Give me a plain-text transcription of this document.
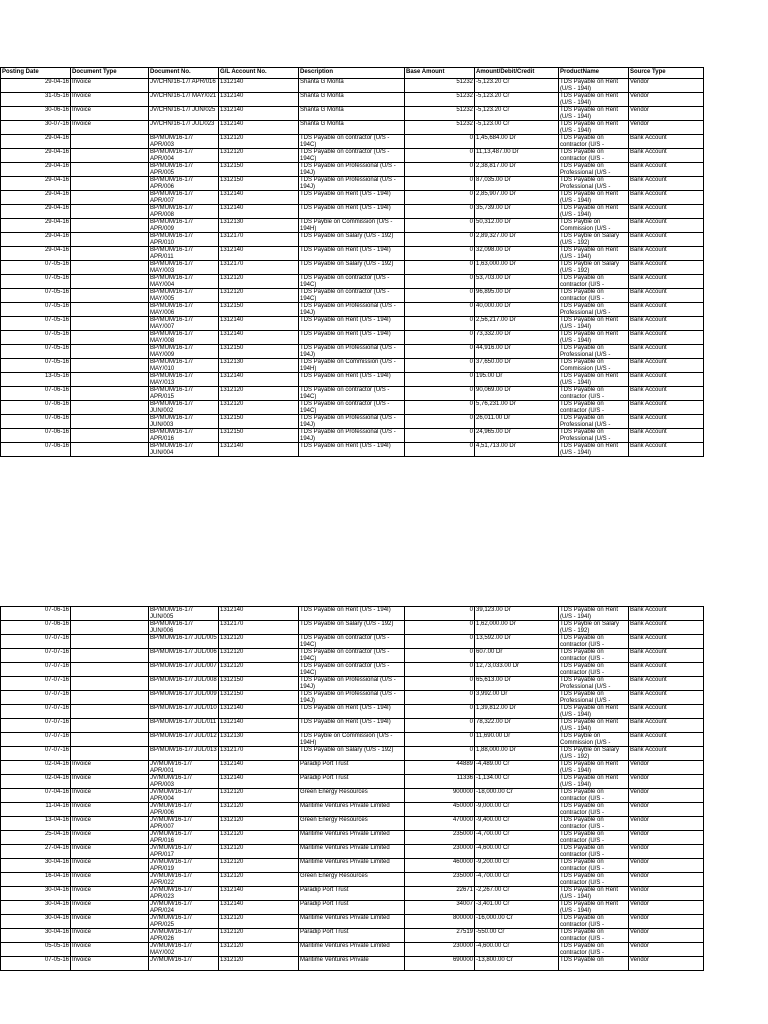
Posting Date	Document Type	Document No.	G/L Account No.	Description	Base Amount	Amount/Debit/Credit	ProductName	Source Type

29-04-16	Invoice	JV/CHN/16-17/ APR/016	1312140	Shanta G Mohta	51232	-5,123.20 Cr	TDS Payable on Rent (U/S - 194I)	Vendor

31-05-16	Invoice	JV/CHN/16-17/ MAY/021	1312140	Shanta G Mohta	51232	-5,123.20 Cr	TDS Payable on Rent (U/S - 194I)	Vendor

30-06-16	Invoice	JV/CHN/16-17/ JUN/025	1312140	Shanta G Mohta	51232	-5,123.20 Cr	TDS Payable on Rent (U/S - 194I)	Vendor

30-07-16	Invoice	JV/CHN/16-17/ JUL/023	1312140	Shanta G Mohta	51232	-5,123.00 Cr	TDS Payable on Rent (U/S - 194I)	Vendor

29-04-16		BP/MUM/16-17/ APR/003	1312120	TDS Payable on contractor (U/S - 194C)	0	1,45,684.00 Dr	TDS Payable on contractor (U/S -	Bank Account

29-04-16		BP/MUM/16-17/ APR/004	1312120	TDS Payable on contractor (U/S - 194C)	0	11,13,487.00 Dr	TDS Payable on contractor (U/S -	Bank Account

29-04-16		BP/MUM/16-17/ APR/005	1312150	TDS Payable on Professional (U/S - 194J)	0	2,38,817.00 Dr	TDS Payable on Professional (U/S -	Bank Account

29-04-16		BP/MUM/16-17/ APR/006	1312150	TDS Payable on Professional (U/S - 194J)	0	87,035.00 Dr	TDS Payable on Professional (U/S -	Bank Account

29-04-16		BP/MUM/16-17/ APR/007	1312140	TDS Payable on Rent (U/S - 194I)	0	2,85,907.00 Dr	TDS Payable on Rent (U/S - 194I)	Bank Account

29-04-16		BP/MUM/16-17/ APR/008	1312140	TDS Payable on Rent (U/S - 194I)	0	35,739.00 Dr	TDS Payable on Rent (U/S - 194I)	Bank Account

29-04-16		BP/MUM/16-17/ APR/009	1312130	TDS Payble on Commission (U/S - 194H)	0	50,312.00 Dr	TDS Payble on Commission (U/S -	Bank Account

29-04-16		BP/MUM/16-17/ APR/010	1312170	TDS Payable on Salary (U/S - 192)	0	2,89,327.00 Dr	TDS Payble on Salary (U/S - 192)	Bank Account

29-04-16		BP/MUM/16-17/ APR/011	1312140	TDS Payable on Rent (U/S - 194I)	0	32,098.00 Dr	TDS Payable on Rent (U/S - 194I)	Bank Account

07-05-16		BP/MUM/16-17/ MAY/003	1312170	TDS Payable on Salary (U/S - 192)	0	1,63,000.00 Dr	TDS Payble on Salary (U/S - 192)	Bank Account

07-05-16		BP/MUM/16-17/ MAY/004	1312120	TDS Payable on contractor (U/S - 194C)	0	53,703.00 Dr	TDS Payable on contractor (U/S -	Bank Account

07-05-16		BP/MUM/16-17/ MAY/005	1312120	TDS Payable on contractor (U/S - 194C)	0	96,895.00 Dr	TDS Payable on contractor (U/S -	Bank Account

07-05-16		BP/MUM/16-17/ MAY/006	1312150	TDS Payable on Professional (U/S - 194J)	0	40,000.00 Dr	TDS Payable on Professional (U/S -	Bank Account

07-05-16		BP/MUM/16-17/ MAY/007	1312140	TDS Payable on Rent (U/S - 194I)	0	2,56,217.00 Dr	TDS Payable on Rent (U/S - 194I)	Bank Account

07-05-16		BP/MUM/16-17/ MAY/008	1312140	TDS Payable on Rent (U/S - 194I)	0	73,332.00 Dr	TDS Payable on Rent (U/S - 194I)	Bank Account

07-05-16		BP/MUM/16-17/ MAY/009	1312150	TDS Payable on Professional (U/S - 194J)	0	44,916.00 Dr	TDS Payable on Professional (U/S -	Bank Account

07-05-16		BP/MUM/16-17/ MAY/010	1312130	TDS Payable on Commission (U/S - 194H)	0	37,650.00 Dr	TDS Payable on Commission (U/S -	Bank Account

13-05-16		BP/MUM/16-17/ MAY/013	1312140	TDS Payable on Rent (U/S - 194I)	0	195.00 Dr	TDS Payable on Rent (U/S - 194I)	Bank Account

07-06-16		BP/MUM/16-17/ APR/015	1312120	TDS Payable on contractor (U/S - 194C)	0	90,069.00 Dr	TDS Payable on contractor (U/S -	Bank Account

07-06-16		BP/MUM/16-17/ JUN/002	1312120	TDS Payable on contractor (U/S - 194C)	0	5,76,231.00 Dr	TDS Payable on contractor (U/S -	Bank Account

07-06-16		BP/MUM/16-17/ JUN/003	1312150	TDS Payable on Professional (U/S - 194J)	0	26,011.00 Dr	TDS Payable on Professional (U/S -	Bank Account

07-06-16		BP/MUM/16-17/ APR/016	1312150	TDS Payable on Professional (U/S - 194J)	0	24,965.00 Dr	TDS Payable on Professional (U/S -	Bank Account

07-06-16		BP/MUM/16-17/ JUN/004	1312140	TDS Payable on Rent (U/S - 194I)	0	4,51,713.00 Dr	TDS Payable on Rent (U/S - 194I)	Bank Account
07-06-16		BP/MUM/16-17/ JUN/005	1312140	TDS Payable on Rent (U/S - 194I)	0	39,123.00 Dr	TDS Payable on Rent (U/S - 194I)	Bank Account

07-06-16		BP/MUM/16-17/ JUN/006	1312170	TDS Payable on Salary (U/S - 192)	0	1,62,000.00 Dr	TDS Payble on Salary (U/S - 192)	Bank Account

07-07-16		BP/MUM/16-17/ JUL/005	1312120	TDS Payable on contractor (U/S - 194C)	0	13,592.00 Dr	TDS Payable on contractor (U/S -	Bank Account

07-07-16		BP/MUM/16-17/ JUL/006	1312120	TDS Payable on contractor (U/S - 194C)	0	607.00 Dr	TDS Payable on contractor (U/S -	Bank Account

07-07-16		BP/MUM/16-17/ JUL/007	1312120	TDS Payable on contractor (U/S - 194C)	0	12,73,033.00 Dr	TDS Payable on contractor (U/S -	Bank Account

07-07-16		BP/MUM/16-17/ JUL/008	1312150	TDS Payable on Professional (U/S - 194J)	0	65,613.00 Dr	TDS Payable on Professional (U/S -	Bank Account

07-07-16		BP/MUM/16-17/ JUL/009	1312150	TDS Payable on Professional (U/S - 194J)	0	3,992.00 Dr	TDS Payable on Professional (U/S -	Bank Account

07-07-16		BP/MUM/16-17/ JUL/010	1312140	TDS Payable on Rent (U/S - 194I)	0	1,39,812.00 Dr	TDS Payable on Rent (U/S - 194I)	Bank Account

07-07-16		BP/MUM/16-17/ JUL/011	1312140	TDS Payable on Rent (U/S - 194I)	0	78,322.00 Dr	TDS Payable on Rent (U/S - 194I)	Bank Account

07-07-16		BP/MUM/16-17/ JUL/012	1312130	TDS Payble on Commission (U/S - 194H)	0	11,690.00 Dr	TDS Payble on Commission (U/S -	Bank Account

07-07-16		BP/MUM/16-17/ JUL/013	1312170	TDS Payable on Salary (U/S - 192)	0	1,88,000.00 Dr	TDS Payble on Salary (U/S - 192)	Bank Account

02-04-16	Invoice	JV/MUM/16-17/ APR/001	1312140	Paradip Port Trust	44889	-4,489.00 Cr	TDS Payable on Rent (U/S - 194I)	Vendor

02-04-16	Invoice	JV/MUM/16-17/ APR/003	1312140	Paradip Port Trust	11336	-1,134.00 Cr	TDS Payable on Rent (U/S - 194I)	Vendor

07-04-16	Invoice	JV/MUM/16-17/ APR/004	1312120	Green Energy Resources	900000	-18,000.00 Cr	TDS Payable on contractor (U/S -	Vendor

11-04-16	Invoice	JV/MUM/16-17/ APR/006	1312120	Maritime Ventures Private Limited	450000	-9,000.00 Cr	TDS Payable on contractor (U/S -	Vendor

13-04-16	Invoice	JV/MUM/16-17/ APR/007	1312120	Green Energy Resources	470000	-9,400.00 Cr	TDS Payable on contractor (U/S -	Vendor

25-04-16	Invoice	JV/MUM/16-17/ APR/016	1312120	Maritime Ventures Private Limited	235000	-4,700.00 Cr	TDS Payable on contractor (U/S -	Vendor

27-04-16	Invoice	JV/MUM/16-17/ APR/017	1312120	Maritime Ventures Private Limited	230000	-4,600.00 Cr	TDS Payable on contractor (U/S -	Vendor

30-04-16	Invoice	JV/MUM/16-17/ APR/019	1312120	Maritime Ventures Private Limited	460000	-9,200.00 Cr	TDS Payable on contractor (U/S -	Vendor

16-04-16	Invoice	JV/MUM/16-17/ APR/022	1312120	Green Energy Resources	235000	-4,700.00 Cr	TDS Payable on contractor (U/S -	Vendor

30-04-16	Invoice	JV/MUM/16-17/ APR/023	1312140	Paradip Port Trust	22671	-2,267.00 Cr	TDS Payable on Rent (U/S - 194I)	Vendor

30-04-16	Invoice	JV/MUM/16-17/ APR/024	1312140	Paradip Port Trust	34007	-3,401.00 Cr	TDS Payable on Rent (U/S - 194I)	Vendor

30-04-16	Invoice	JV/MUM/16-17/ APR/025	1312120	Maritime Ventures Private Limited	800000	-16,000.00 Cr	TDS Payable on contractor (U/S -	Vendor

30-04-16	Invoice	JV/MUM/16-17/ APR/026	1312120	Paradip Port Trust	27519	-550.00 Cr	TDS Payable on contractor (U/S -	Vendor

05-05-16	Invoice	JV/MUM/16-17/ MAY/002	1312120	Maritime Ventures Private Limited	230000	-4,600.00 Cr	TDS Payable on contractor (U/S -	Vendor

07-05-16	Invoice	JV/MUM/16-17/	1312120	Maritime Ventures Private	690000	-13,800.00 Cr	TDS Payable on	Vendor
